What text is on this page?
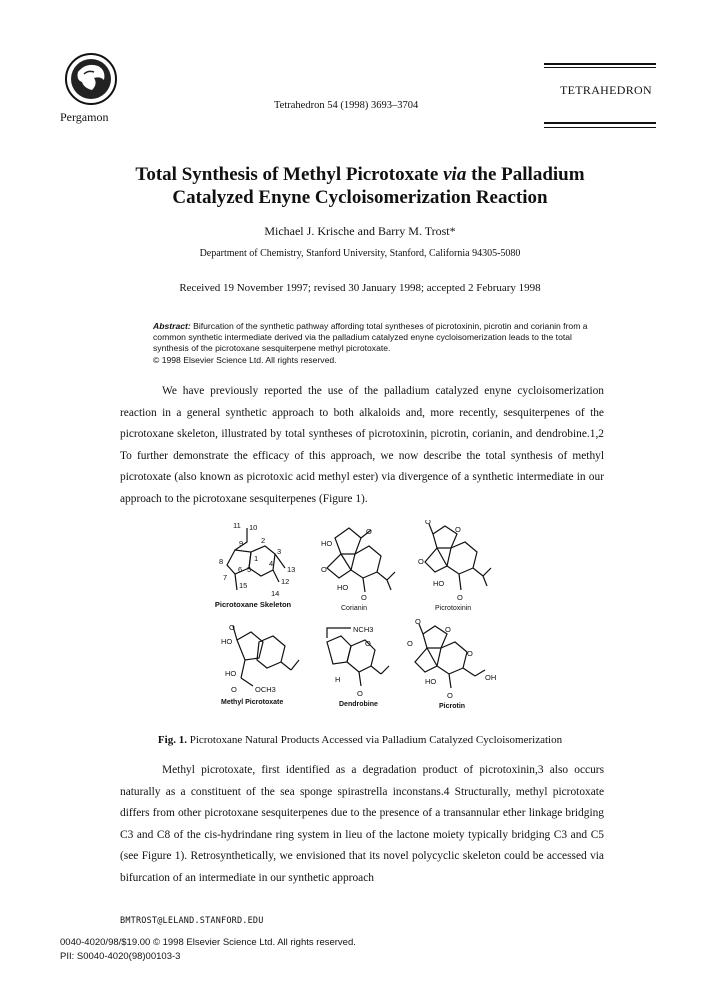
Pergamon
Tetrahedron 54 (1998) 3693–3704
TETRAHEDRON
Total Synthesis of Methyl Picrotoxate via the Palladium
Catalyzed Enyne Cycloisomerization Reaction
Michael J. Krische and Barry M. Trost*
Department of Chemistry, Stanford University, Stanford, California 94305-5080
Received 19 November 1997; revised 30 January 1998; accepted 2 February 1998
Abstract: Bifurcation of the synthetic pathway affording total syntheses of picrotoxinin, picrotin and corianin from a common synthetic intermediate derived via the palladium catalyzed enyne cycloisomerization leads to the total synthesis of the picrotoxane sesquiterpene methyl picrotoxate.
© 1998 Elsevier Science Ltd. All rights reserved.

We have previously reported the use of the palladium catalyzed enyne cycloisomerization reaction in a general synthetic approach to both alkaloids and, more recently, sesquiterpenes of the picrotoxane skeleton, illustrated by total syntheses of picrotoxinin, picrotin, corianin, and dendrobine.1,2 To further demonstrate the efficacy of this approach, we now describe the total synthesis of methyl picrotoxate (also known as picrotoxic acid methyl ester) via divergence of a synthetic intermediate in our approach to the picrotoxane sesquiterpenes (Figure 1).

11 10
9 2
3
8	1
5
4
13
6
7
15	12
14
Picrotoxane Skeleton
HO
O
O
HO
O
Corianin
O
O
O
HO
O
Picrotoxinin
O
HO
HO
O OCH3
Methyl Picrotoxate
NCH3
O
H
O
Dendrobine
O
O
O
O
HO	OH
O
Picrotin
Fig. 1. Picrotoxane Natural Products Accessed via Palladium Catalyzed Cycloisomerization

Methyl picrotoxate, first identified as a degradation product of picrotoxinin,3 also occurs naturally as a constituent of the sea sponge spirastrella inconstans.4 Structurally, methyl picrotoxate differs from other picrotoxane sesquiterpenes due to the presence of a transannular ether linkage bridging C3 and C8 of the cis-hydrindane ring system in lieu of the lactone moiety typically bridging C3 and C5 (see Figure 1). Retrosynthetically, we envisioned that its novel polycyclic skeleton could be accessed via bifurcation of an intermediate in our synthetic approach

BMTROST@LELAND.STANFORD.EDU
0040-4020/98/$19.00 © 1998 Elsevier Science Ltd. All rights reserved.
PII: S0040-4020(98)00103-3
